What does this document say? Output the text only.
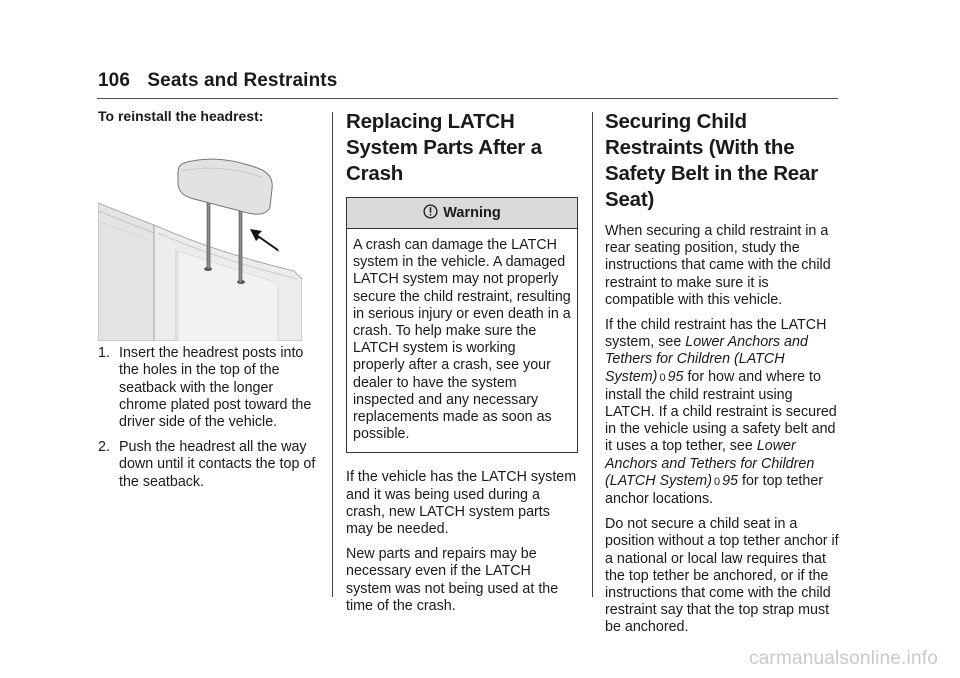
106 Seats and Restraints

To reinstall the headrest:

1. Insert the headrest posts into the holes in the top of the seatback with the longer chrome plated post toward the driver side of the vehicle.
2. Push the headrest all the way down until it contacts the top of the seatback.
Replacing LATCH System Parts After a Crash
Warning
A crash can damage the LATCH system in the vehicle. A damaged LATCH system may not properly secure the child restraint, resulting in serious injury or even death in a crash. To help make sure the LATCH system is working properly after a crash, see your dealer to have the system inspected and any necessary replacements made as soon as possible.

If the vehicle has the LATCH system and it was being used during a crash, new LATCH system parts may be needed.

New parts and repairs may be necessary even if the LATCH system was not being used at the time of the crash.

Securing Child Restraints (With the Safety Belt in the Rear Seat)

When securing a child restraint in a rear seating position, study the instructions that came with the child restraint to make sure it is compatible with this vehicle.

If the child restraint has the LATCH system, see Lower Anchors and Tethers for Children (LATCH System) 0 95 for how and where to install the child restraint using LATCH. If a child restraint is secured in the vehicle using a safety belt and it uses a top tether, see Lower Anchors and Tethers for Children (LATCH System) 0 95 for top tether anchor locations.

Do not secure a child seat in a position without a top tether anchor if a national or local law requires that the top tether be anchored, or if the instructions that come with the child restraint say that the top strap must be anchored.

carmanualsonline.info
